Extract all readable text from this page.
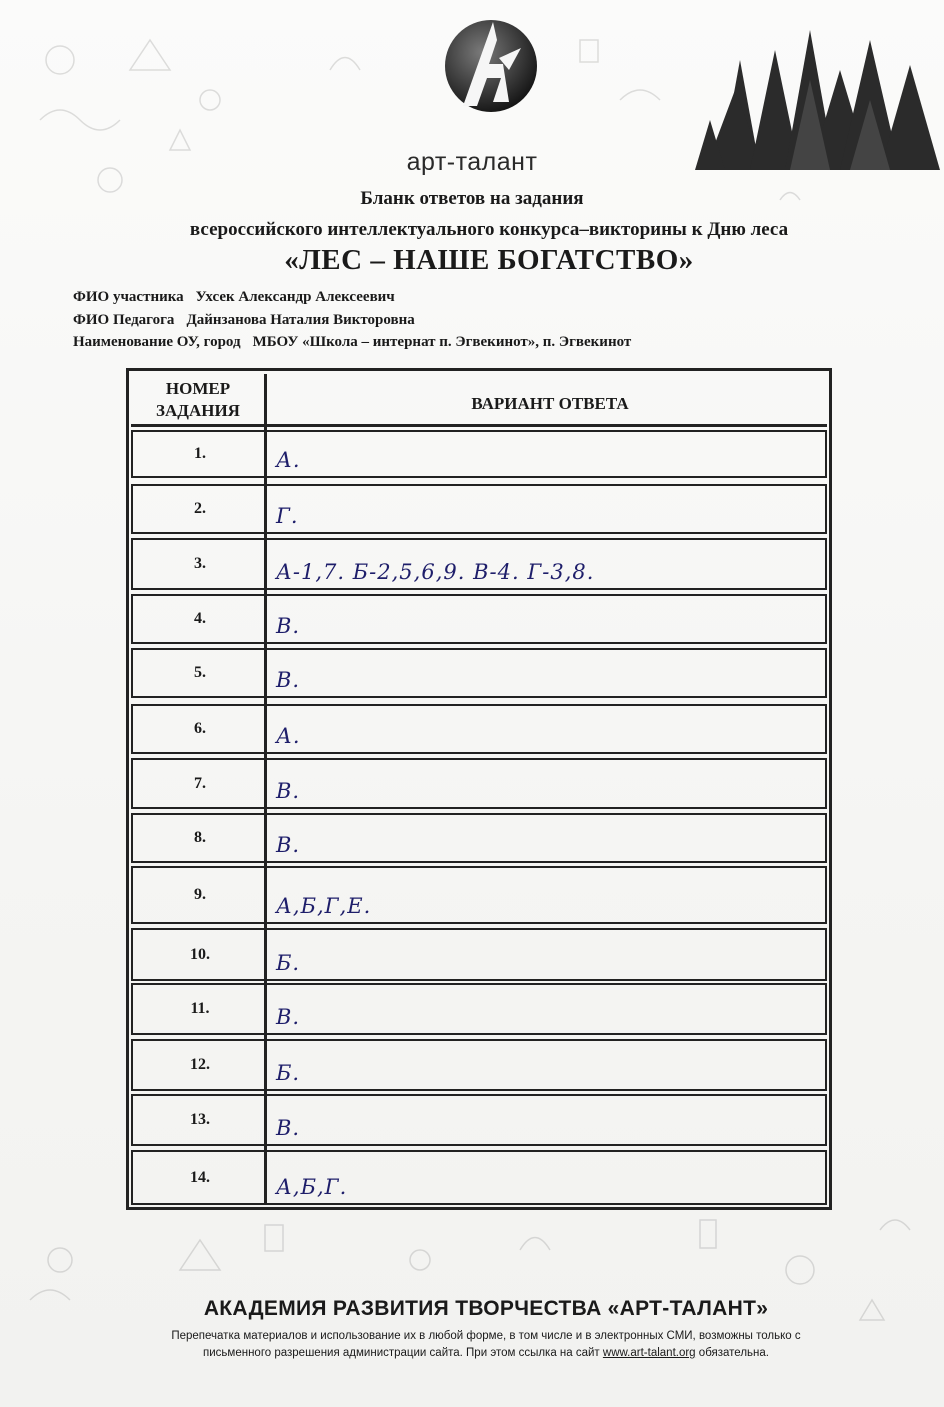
арт-талант
Бланк ответов на задания
всероссийского интеллектуального конкурса–викторины к Дню леса
«ЛЕС – НАШЕ БОГАТСТВО»
ФИО участника Ухсек Александр Алексеевич
ФИО Педагога Дайнзанова Наталия Викторовна
Наименование ОУ, город МБОУ «Школа – интернат п. Эгвекинот», п. Эгвекинот
НОМЕР ЗАДАНИЯ	ВАРИАНТ ОТВЕТА
1.	А.
2.	Г.
3.	А-1,7. Б-2,5,6,9. В-4. Г-3,8.
4.	В.
5.	В.
6.	А.
7.	В.
8.	В.
9.	А,Б,Г,Е.
10.	Б.
11.	В.
12.	Б.
13.	В.
14.	А,Б,Г.
АКАДЕМИЯ РАЗВИТИЯ ТВОРЧЕСТВА «АРТ-ТАЛАНТ»
Перепечатка материалов и использование их в любой форме, в том числе и в электронных СМИ, возможны только с
письменного разрешения администрации сайта. При этом ссылка на сайт www.art-talant.org обязательна.
